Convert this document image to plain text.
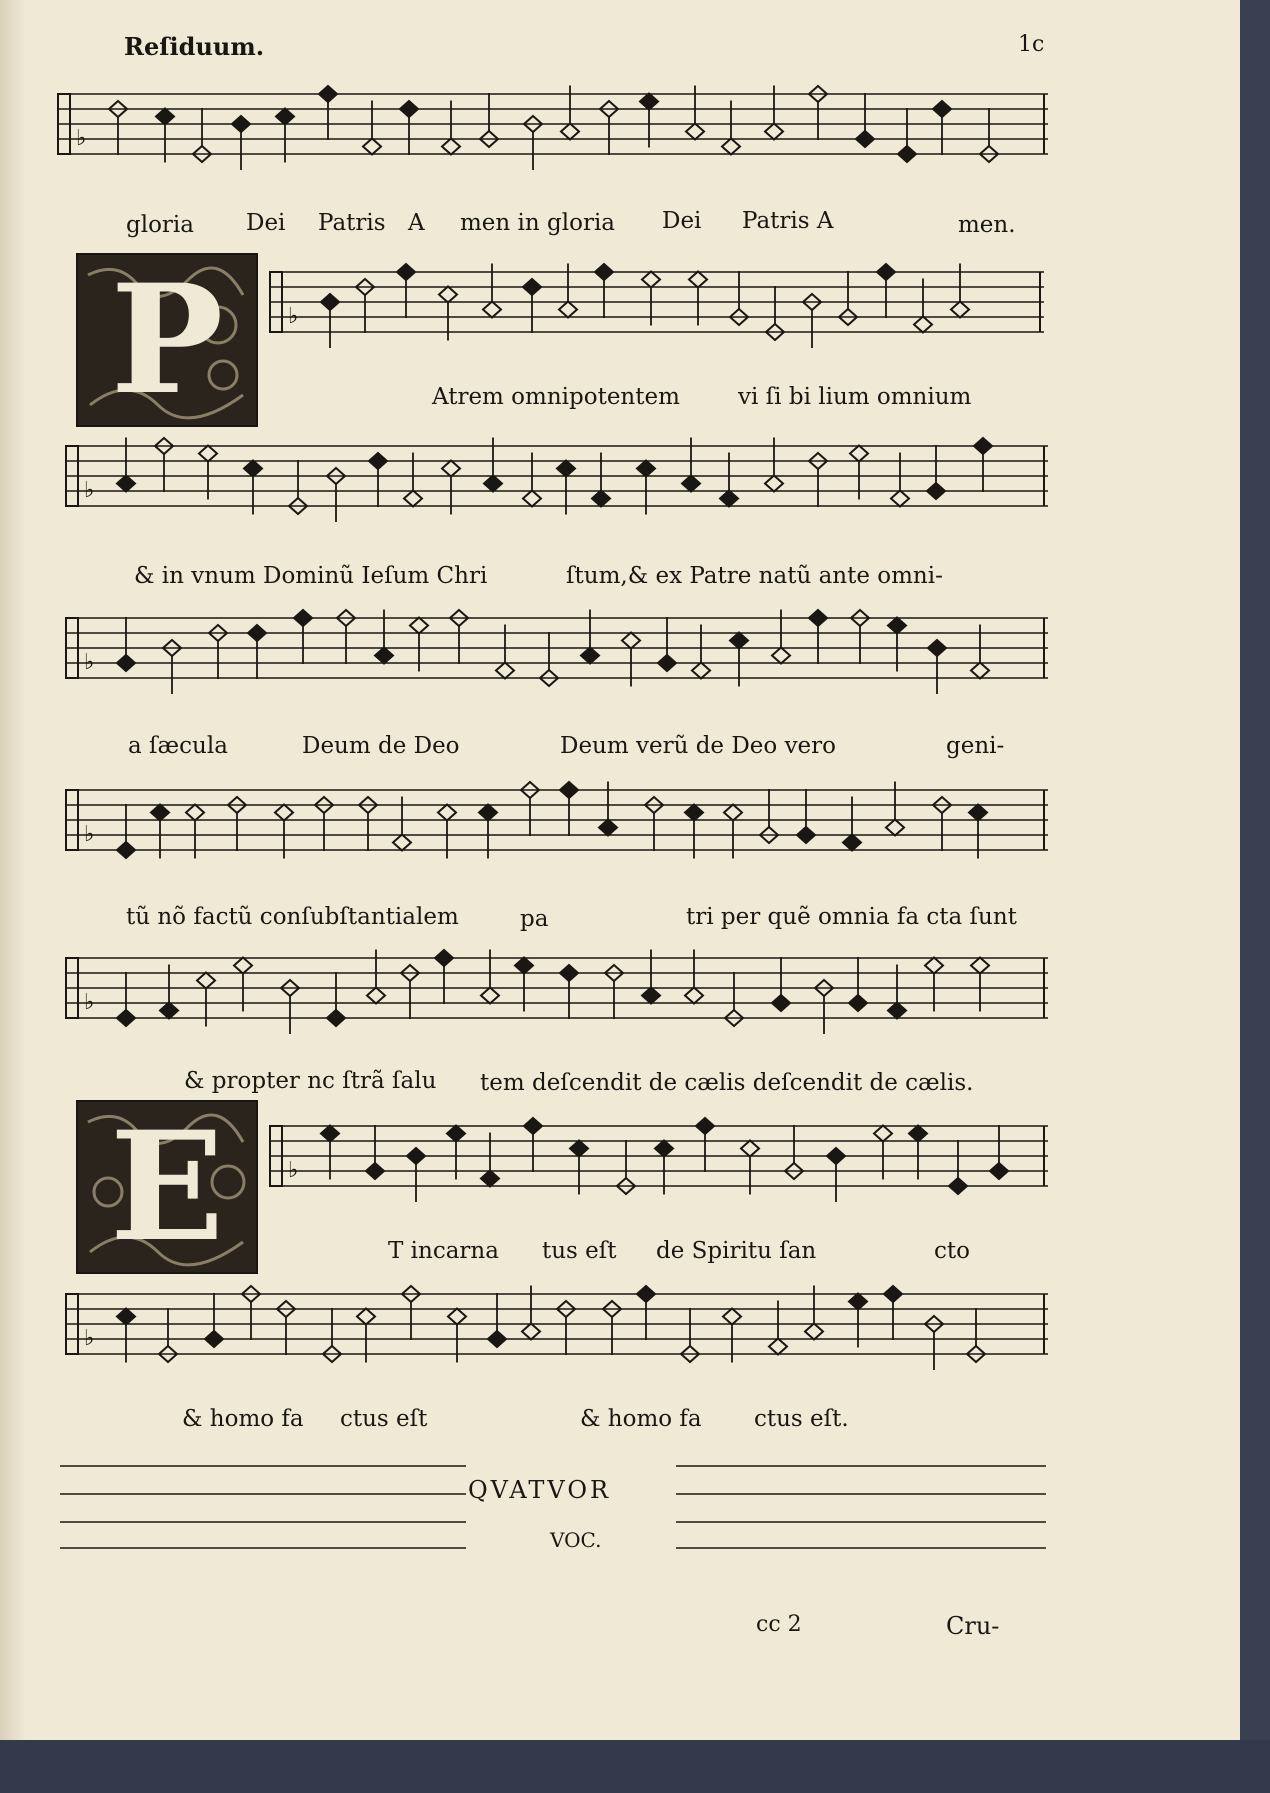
Reſiduum.	1c
♭
♭
♭
♭
♭
♭
♭
♭
P
E
gloria Dei Patris A men in gloria Dei Patris A	men.
Atrem omnipotentem	vi ſi bi lium omnium
& in vnum Dominũ Ieſum Chri	ſtum,& ex Patre natũ ante omni-
a ſæcula	Deum de Deo	Deum verũ de Deo vero	geni-
tũ nõ factũ conſubſtantialem	pa	tri per quẽ omnia fa cta ſunt
& propter nc ſtrã ſalu tem deſcendit de cælis deſcendit de cælis.
T incarna tus eſt de Spiritu ſan	cto
& homo fa ctus eſt	& homo fa ctus eſt.
QVATVOR
VOC.
cc 2	Cru-
